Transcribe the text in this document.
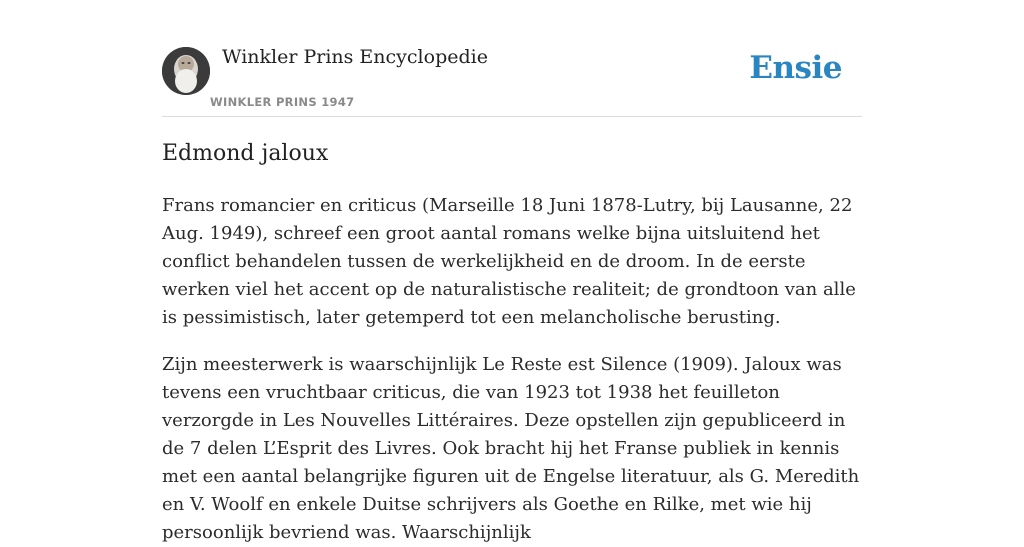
Winkler Prins Encyclopedie
WINKLER PRINS 1947
Ensie
Edmond jaloux

Frans romancier en criticus (Marseille 18 Juni 1878-Lutry, bij Lausanne, 22 Aug. 1949), schreef een groot aantal romans welke bijna uitsluitend het conflict behandelen tussen de werkelijkheid en de droom. In de eerste werken viel het accent op de naturalistische realiteit; de grondtoon van alle is pessimistisch, later getemperd tot een melancholische berusting.

Zijn meesterwerk is waarschijnlijk Le Reste est Silence (1909). Jaloux was tevens een vruchtbaar criticus, die van 1923 tot 1938 het feuilleton verzorgde in Les Nouvelles Littéraires. Deze opstellen zijn gepubliceerd in de 7 delen L’Esprit des Livres. Ook bracht hij het Franse publiek in kennis met een aantal belangrijke figuren uit de Engelse literatuur, als G. Meredith en V. Woolf en enkele Duitse schrijvers als Goethe en Rilke, met wie hij persoonlijk bevriend was. Waarschijnlijk
